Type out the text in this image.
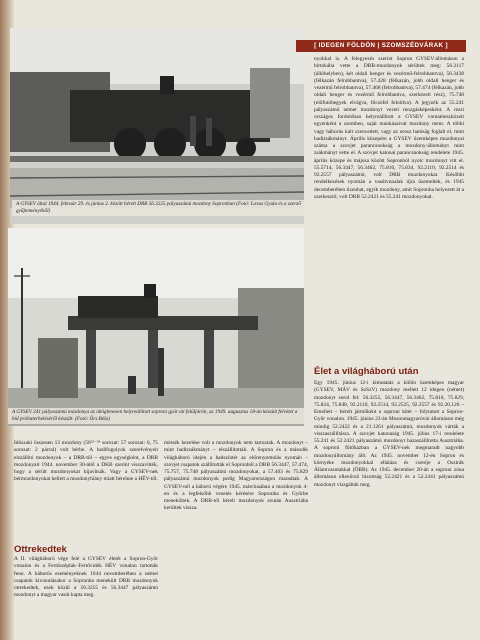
A GYSEV által 1944. február 29. és június 2. között bérelt DRB 56.3225 pályaszámú mozdony Sopronban (Fotó: Lovas Gyula és a szerző gyűjteményéből)
A GYSEV 241 pályaszámú mozdonya az ideiglenesen helyreállított soproni gyár úti felüljárón, az 1949. augusztus 18-án készült felvétel a híd próbaterheléséről készült. (Fotó: Örs Béla)
[ IDEGEN FÖLDÖN | SZOMSZÉDVÁRAK ]

nyokkal is. A felegyezés szerint Sopron GYSEV-állomáson a birtokába vette a DRB-mozdonyok sérültek meg: 56.3117 (állóhelyben), két oldali henger és vezérmű-felrobbantva), 56.3438 (félkazán felrobbantva), 57.428 (félkazán, jobb oldali henger és vezérmű felrobbantva), 57.468 (felrobbantva), 57.474 (félkazán, jobb oldali henger és vezérmű felrobbantva, szerkezeti rész), 75.748 (előfutóbegyek elvágva, főcsöfel feloldva). A jegyzék az 55.241 pályaszámú német mozdonyt vezeti mozgásképesként. A rezsi országos fordulóban helyreállított a GYSEV vontatóeszközeit egyenként a szemben, saját munkásaival mozdony ment. A többi vagy háborús kárt szenvedett, vagy az orosz hatóság foglalt el, mint hadizsákmányt. Április közepére a GYSEV üzemképes mozdonyai száma a szovjet parancsnokság a mozdony-állományt mint zsákmányt vette el. A szovjet katonai parancsnokság rendelete 1945. április közepe és májusa között Sopronból nyolc mozdonyt vitt el. 55.5714, 56.3447, 56.3462, 75.810, 75.834, 92.2110, 92.2514 és 92.2557 pályaszámú, volt DRB mozdonyokat. Későbbi rendelkezések nyomán a vasútvonalak újra üzemeltek, és 1945 decemberében tizenhat, egyik mozdony, amit Sopronba helyezett át a szerkesztő, volt DRB 52.2421 és 55.241 mozdonyokat.

Élet a világháború után

Egy 1945. június 12-i kimutatás a külön üzemképes magyar (GYSEV, MÁV és SzSzV) mozdony mellett 12 idegen (német) mozdonyt sorol fel: 56.3255, 56.3447, 56.3462, 75.810, 75.829, 75.834, 75.848, 92.2110, 92.2514, 92.2525, 92.2557 és 92.20,126 – Emellett – bérelt járműként a soproni kitér – folytatott a Sopron-Győr vonalon. 1945. június 23-án Mosonmagyaróvár állomáson még mindig 52.2422 és a 21.1261 pályaszámú, mozdonyok várták a visszaszállításra. A szovjet katonaság 1945. július 17-i rendelete 55.241 és 52.2421 pályaszámú mozdonyt hazaszállította Ausztriába. A soproni fűtőházban a GYSEV-nek megmaradt nagyobb mozdonyállomány állt. Az 1945. november 12-én Sopron és környéke mozdonyokkal ellátása és cseréje a Osztrák Államvasutakkal (ÖBB). Az 1945. december 20-án a soproni zóna állomáson ellenőrző bizottság 52.2421 és a 52.2441 pályaszámú mozdonyt vizsgálták meg.

Időszaki összesen 13 mozdony (56³²⁻³⁴ sorozat: 57 sorozat: 6, 75 sorozat: 2 párral) volt bérbe. A hadifogolyok szerelvényeit elszállító mozdonyok – a DRB-től – egyes egységként, a DRB mozdonyait 1944. november 30-ától a DKB szerint visszavitték, hogy a sérült mozdonyokat kijavítsák. Vagy a GYSEV-nek bérmozdonyokat kellett a mozdonyhiány miatt bérelnie a HÉV-től.

mérsék kezelése volt a mozdonyok nem tartoztak. A mozdonyt – mint hadizsákmányt – elszállították. A Sopron és a második világháború idején a hadszíntér az előrenyomulás nyomán – szovjet csapatok szállították el Sopronból a DRB 56.3447, 57.474, 75.757, 75.748 pályaszámú mozdonyokat, a 57.403 és 75.829 pályaszámú mozdonyok pedig Magyarországon maradtak. A GYSEV-nél a háború végére 1945. márciusában a mozdonyok 4-en és a legfelsőbb vezetés kérésére Sopronba és Győrbe menekültek. A DRB-től bérelt mozdonyok ezután Ausztriába kerültek vissza.

Ottrekedtek

A II. világháború vége felé a GYSEV életét a Sopron-Győr vonalon és a Fertőszéplak–Fertővidék HÉV vonalon tartották fenn. A háborús eseményeknek 1944 novemberében a német csapatok kivonulásakor a Sopronba menekült DRB mozdonyok ottrekedtek, ezek közül a 56.3255 és 56.3447 pályaszámú mozdonyt a magyar vasút kapta meg.
